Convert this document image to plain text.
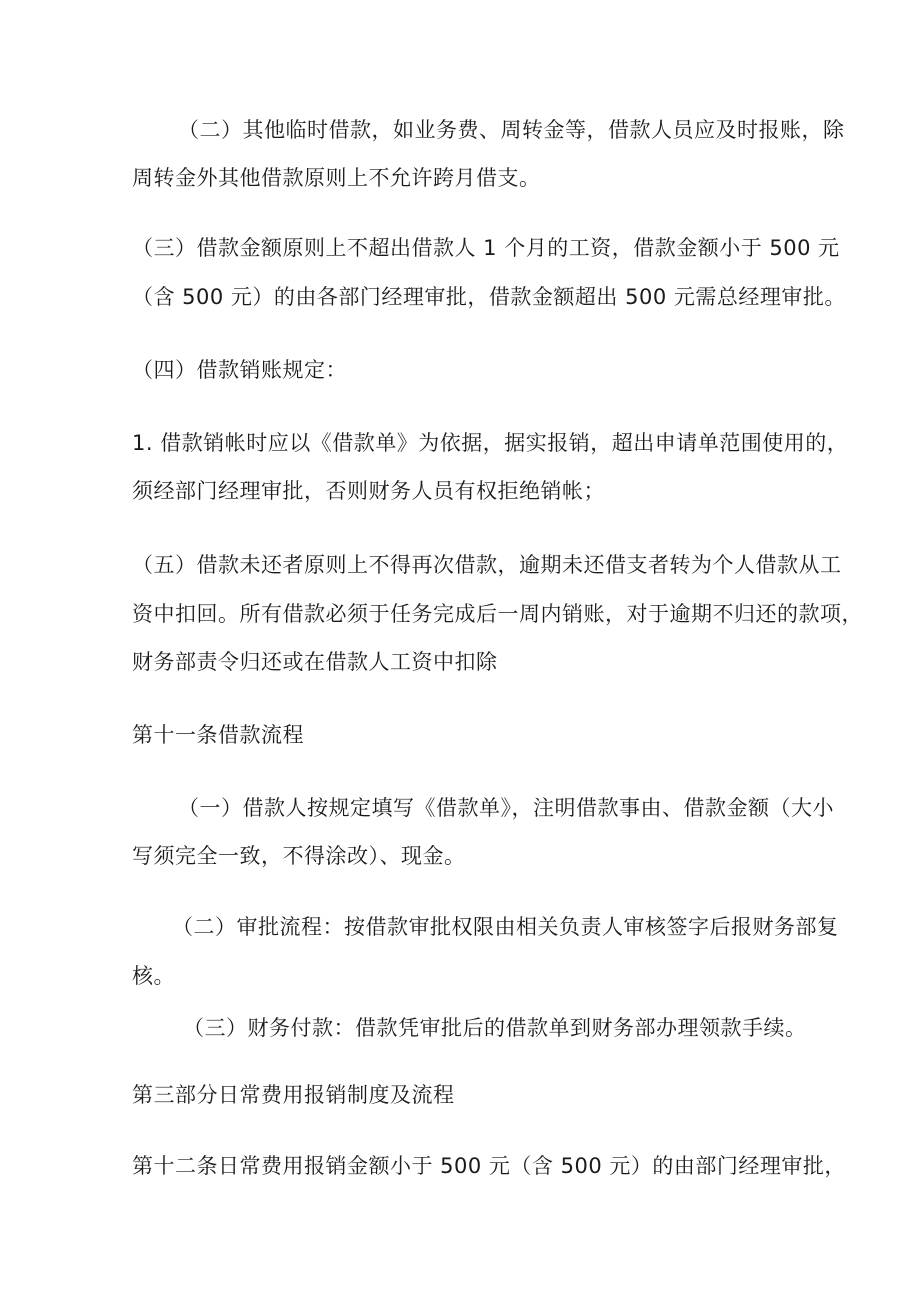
（二）其他临时借款，如业务费、周转金等，借款人员应及时报账，除
周转金外其他借款原则上不允许跨月借支。
（三）借款金额原则上不超出借款人 1 个月的工资，借款金额小于 500 元
（含 500 元）的由各部门经理审批，借款金额超出 500 元需总经理审批。
（四）借款销账规定：
1. 借款销帐时应以《借款单》为依据，据实报销，超出申请单范围使用的，
须经部门经理审批，否则财务人员有权拒绝销帐；
（五）借款未还者原则上不得再次借款，逾期未还借支者转为个人借款从工
资中扣回。所有借款必须于任务完成后一周内销账，对于逾期不归还的款项，
财务部责令归还或在借款人工资中扣除
第十一条借款流程
（一）借款人按规定填写《借款单》，注明借款事由、借款金额（大小
写须完全一致，不得涂改）、现金。
（二）审批流程：按借款审批权限由相关负责人审核签字后报财务部复
核。
（三）财务付款：借款凭审批后的借款单到财务部办理领款手续。
第三部分日常费用报销制度及流程
第十二条日常费用报销金额小于 500 元（含 500 元）的由部门经理审批，
